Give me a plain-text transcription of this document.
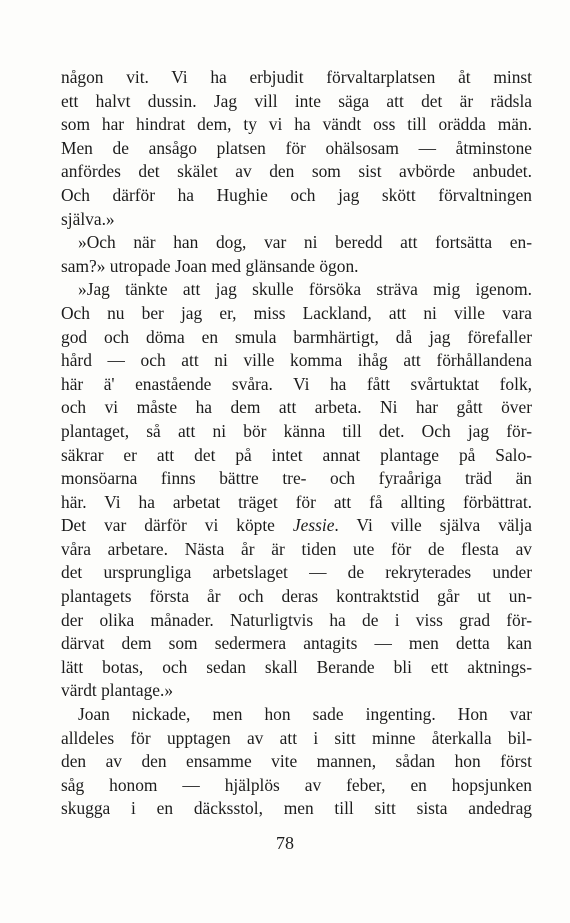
någon vit. Vi ha erbjudit förvaltarplatsen åt minst
ett halvt dussin. Jag vill inte säga att det är rädsla
som har hindrat dem, ty vi ha vändt oss till orädda män.
Men de ansågo platsen för ohälsosam — åtminstone
anfördes det skälet av den som sist avbörde anbudet.
Och därför ha Hughie och jag skött förvaltningen
själva.»
»Och när han dog, var ni beredd att fortsätta en-
sam?» utropade Joan med glänsande ögon.
»Jag tänkte att jag skulle försöka sträva mig igenom.
Och nu ber jag er, miss Lackland, att ni ville vara
god och döma en smula barmhärtigt, då jag förefaller
hård — och att ni ville komma ihåg att förhållandena
här ä' enastående svåra. Vi ha fått svårtuktat folk,
och vi måste ha dem att arbeta. Ni har gått över
plantaget, så att ni bör känna till det. Och jag för-
säkrar er att det på intet annat plantage på Salo-
monsöarna finns bättre tre- och fyraåriga träd än
här. Vi ha arbetat träget för att få allting förbättrat.
Det var därför vi köpte Jessie. Vi ville själva välja
våra arbetare. Nästa år är tiden ute för de flesta av
det ursprungliga arbetslaget — de rekryterades under
plantagets första år och deras kontraktstid går ut un-
der olika månader. Naturligtvis ha de i viss grad för-
därvat dem som sedermera antagits — men detta kan
lätt botas, och sedan skall Berande bli ett aktnings-
värdt plantage.»
Joan nickade, men hon sade ingenting. Hon var
alldeles för upptagen av att i sitt minne återkalla bil-
den av den ensamme vite mannen, sådan hon först
såg honom — hjälplös av feber, en hopsjunken
skugga i en däcksstol, men till sitt sista andedrag
78
